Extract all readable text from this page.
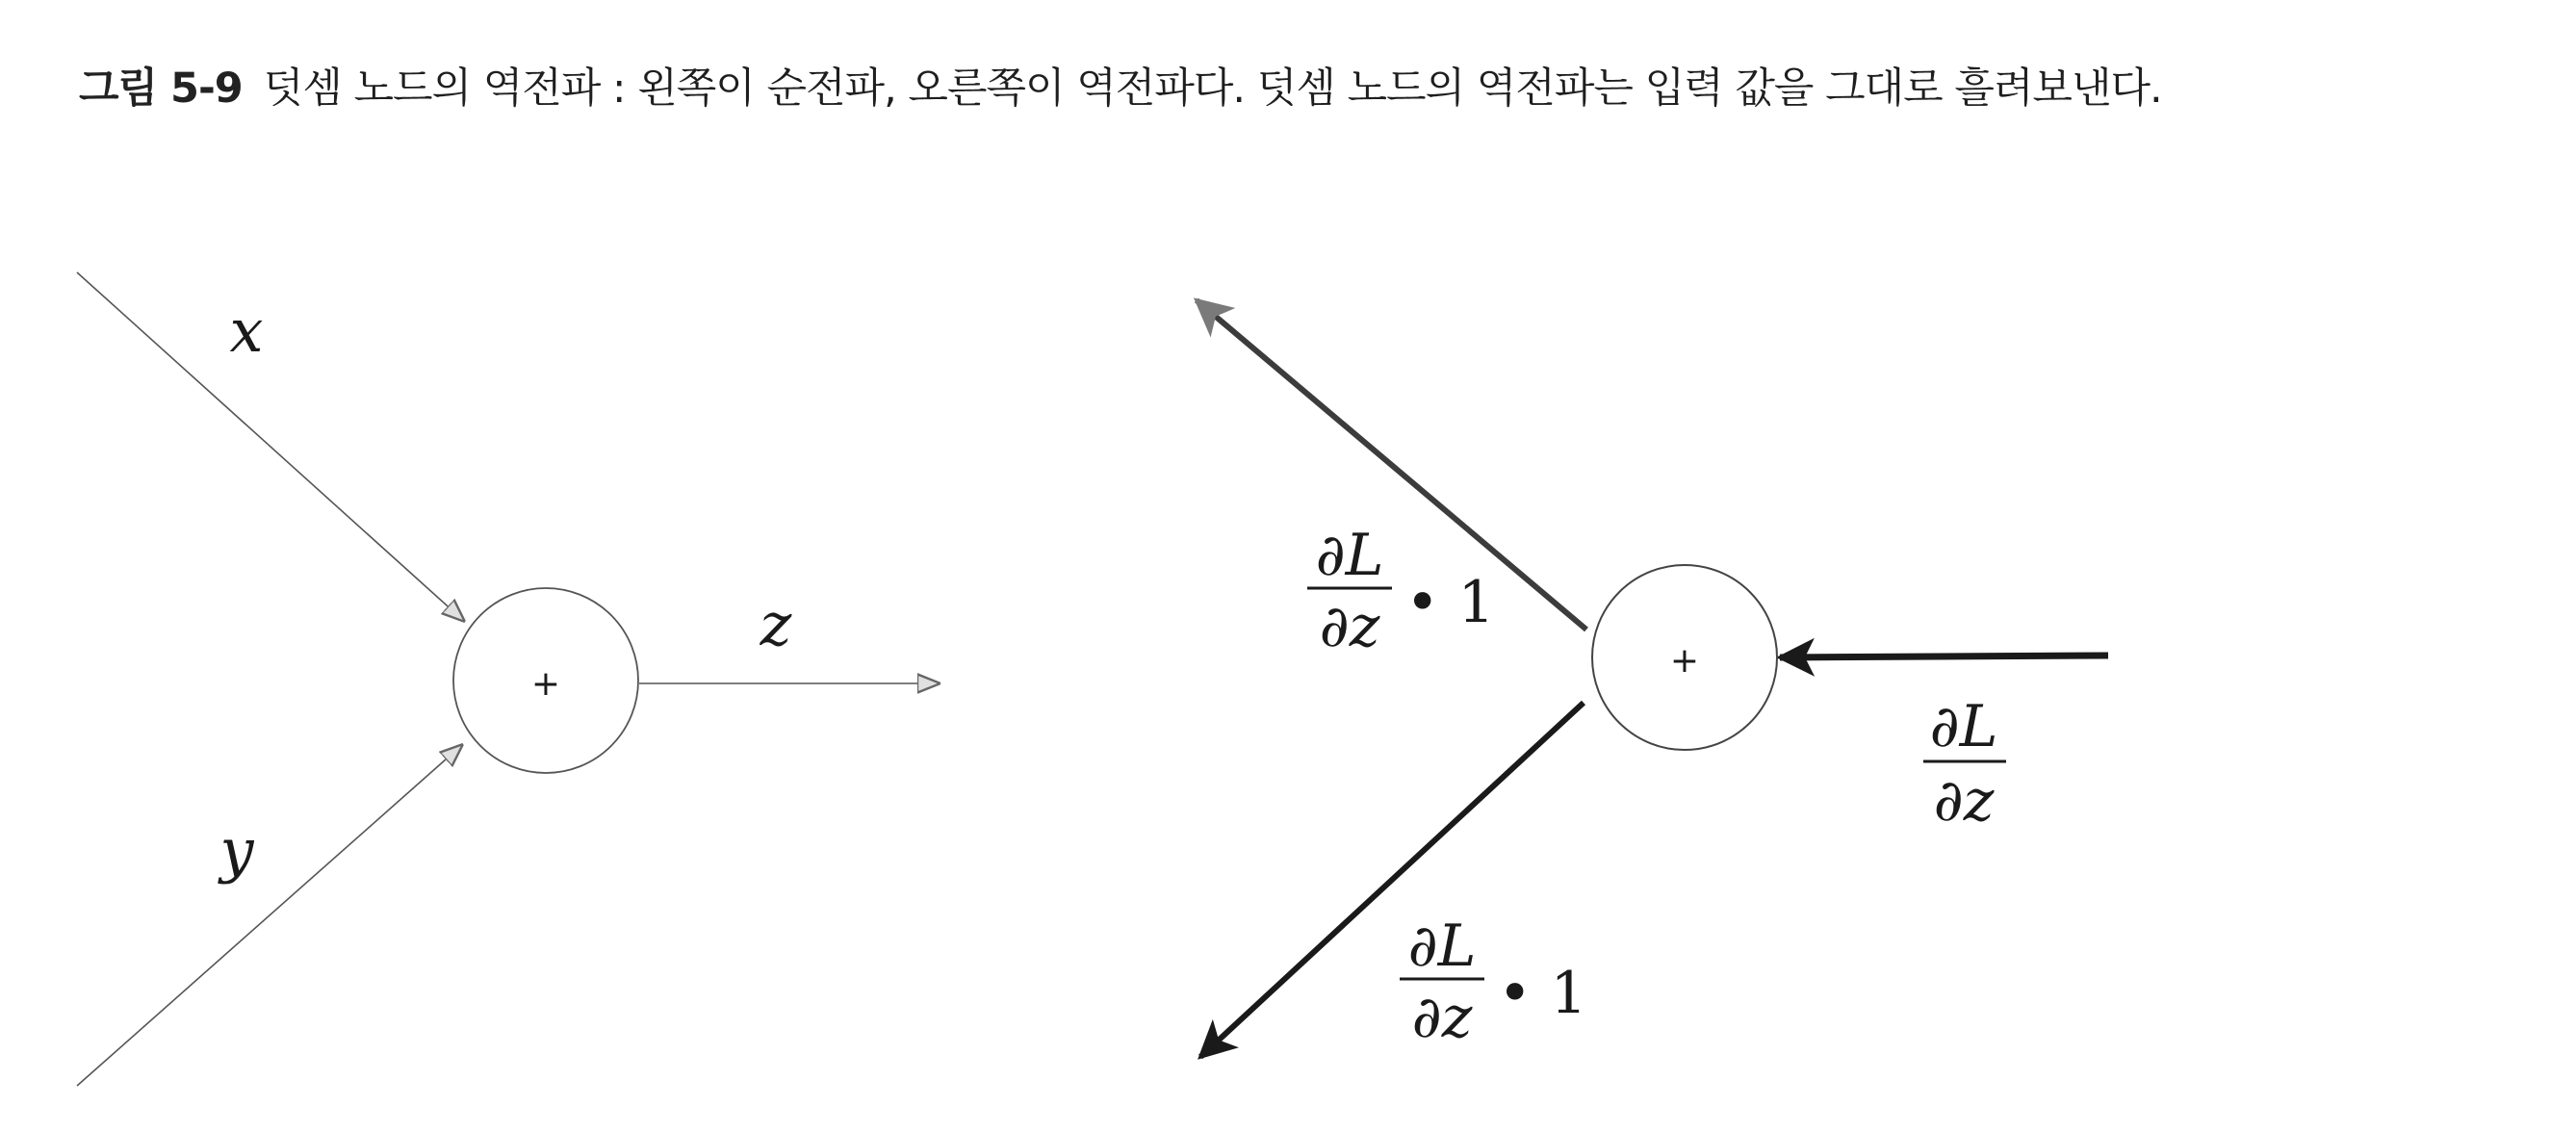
그림 5-9 덧셈 노드의 역전파 : 왼쪽이 순전파, 오른쪽이 역전파다. 덧셈 노드의 역전파는 입력 값을 그대로 흘려보낸다.
+
x
y
z
+
∂L
∂z • 1
∂L
∂z • 1
∂L
∂z
